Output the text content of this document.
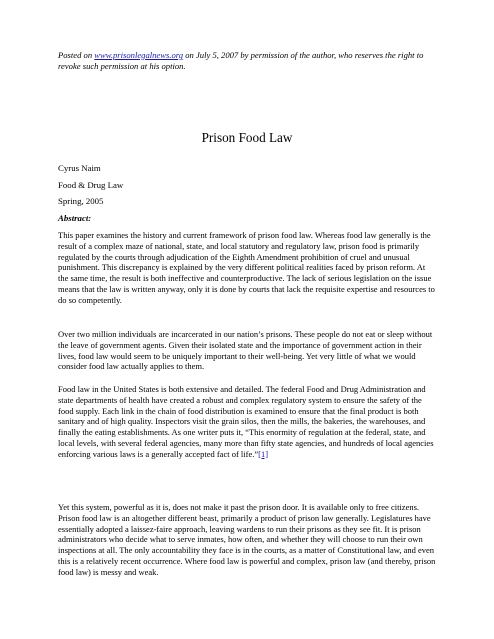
Posted on www.prisonlegalnews.org on July 5, 2007 by permission of the author, who reserves the right to revoke such permission at his option.

Prison Food Law

Cyrus Naim

Food & Drug Law

Spring, 2005

Abstract:

This paper examines the history and current framework of prison food law. Whereas food law generally is the result of a complex maze of national, state, and local statutory and regulatory law, prison food is primarily regulated by the courts through adjudication of the Eighth Amendment prohibition of cruel and unusual punishment. This discrepancy is explained by the very different political realities faced by prison reform. At the same time, the result is both ineffective and counterproductive. The lack of serious legislation on the issue means that the law is written anyway, only it is done by courts that lack the requisite expertise and resources to do so competently.

Over two million individuals are incarcerated in our nation’s prisons. These people do not eat or sleep without the leave of government agents. Given their isolated state and the importance of government action in their lives, food law would seem to be uniquely important to their well-being. Yet very little of what we would consider food law actually applies to them.

Food law in the United States is both extensive and detailed. The federal Food and Drug Administration and state departments of health have created a robust and complex regulatory system to ensure the safety of the food supply. Each link in the chain of food distribution is examined to ensure that the final product is both sanitary and of high quality. Inspectors visit the grain silos, then the mills, the bakeries, the warehouses, and finally the eating establishments. As one writer puts it, “This enormity of regulation at the federal, state, and local levels, with several federal agencies, many more than fifty state agencies, and hundreds of local agencies enforcing various laws is a generally accepted fact of life.”[1]

Yet this system, powerful as it is, does not make it past the prison door. It is available only to free citizens. Prison food law is an altogether different beast, primarily a product of prison law generally. Legislatures have essentially adopted a laissez-faire approach, leaving wardens to run their prisons as they see fit. It is prison administrators who decide what to serve inmates, how often, and whether they will choose to run their own inspections at all. The only accountability they face is in the courts, as a matter of Constitutional law, and even this is a relatively recent occurrence. Where food law is powerful and complex, prison law (and thereby, prison food law) is messy and weak.
